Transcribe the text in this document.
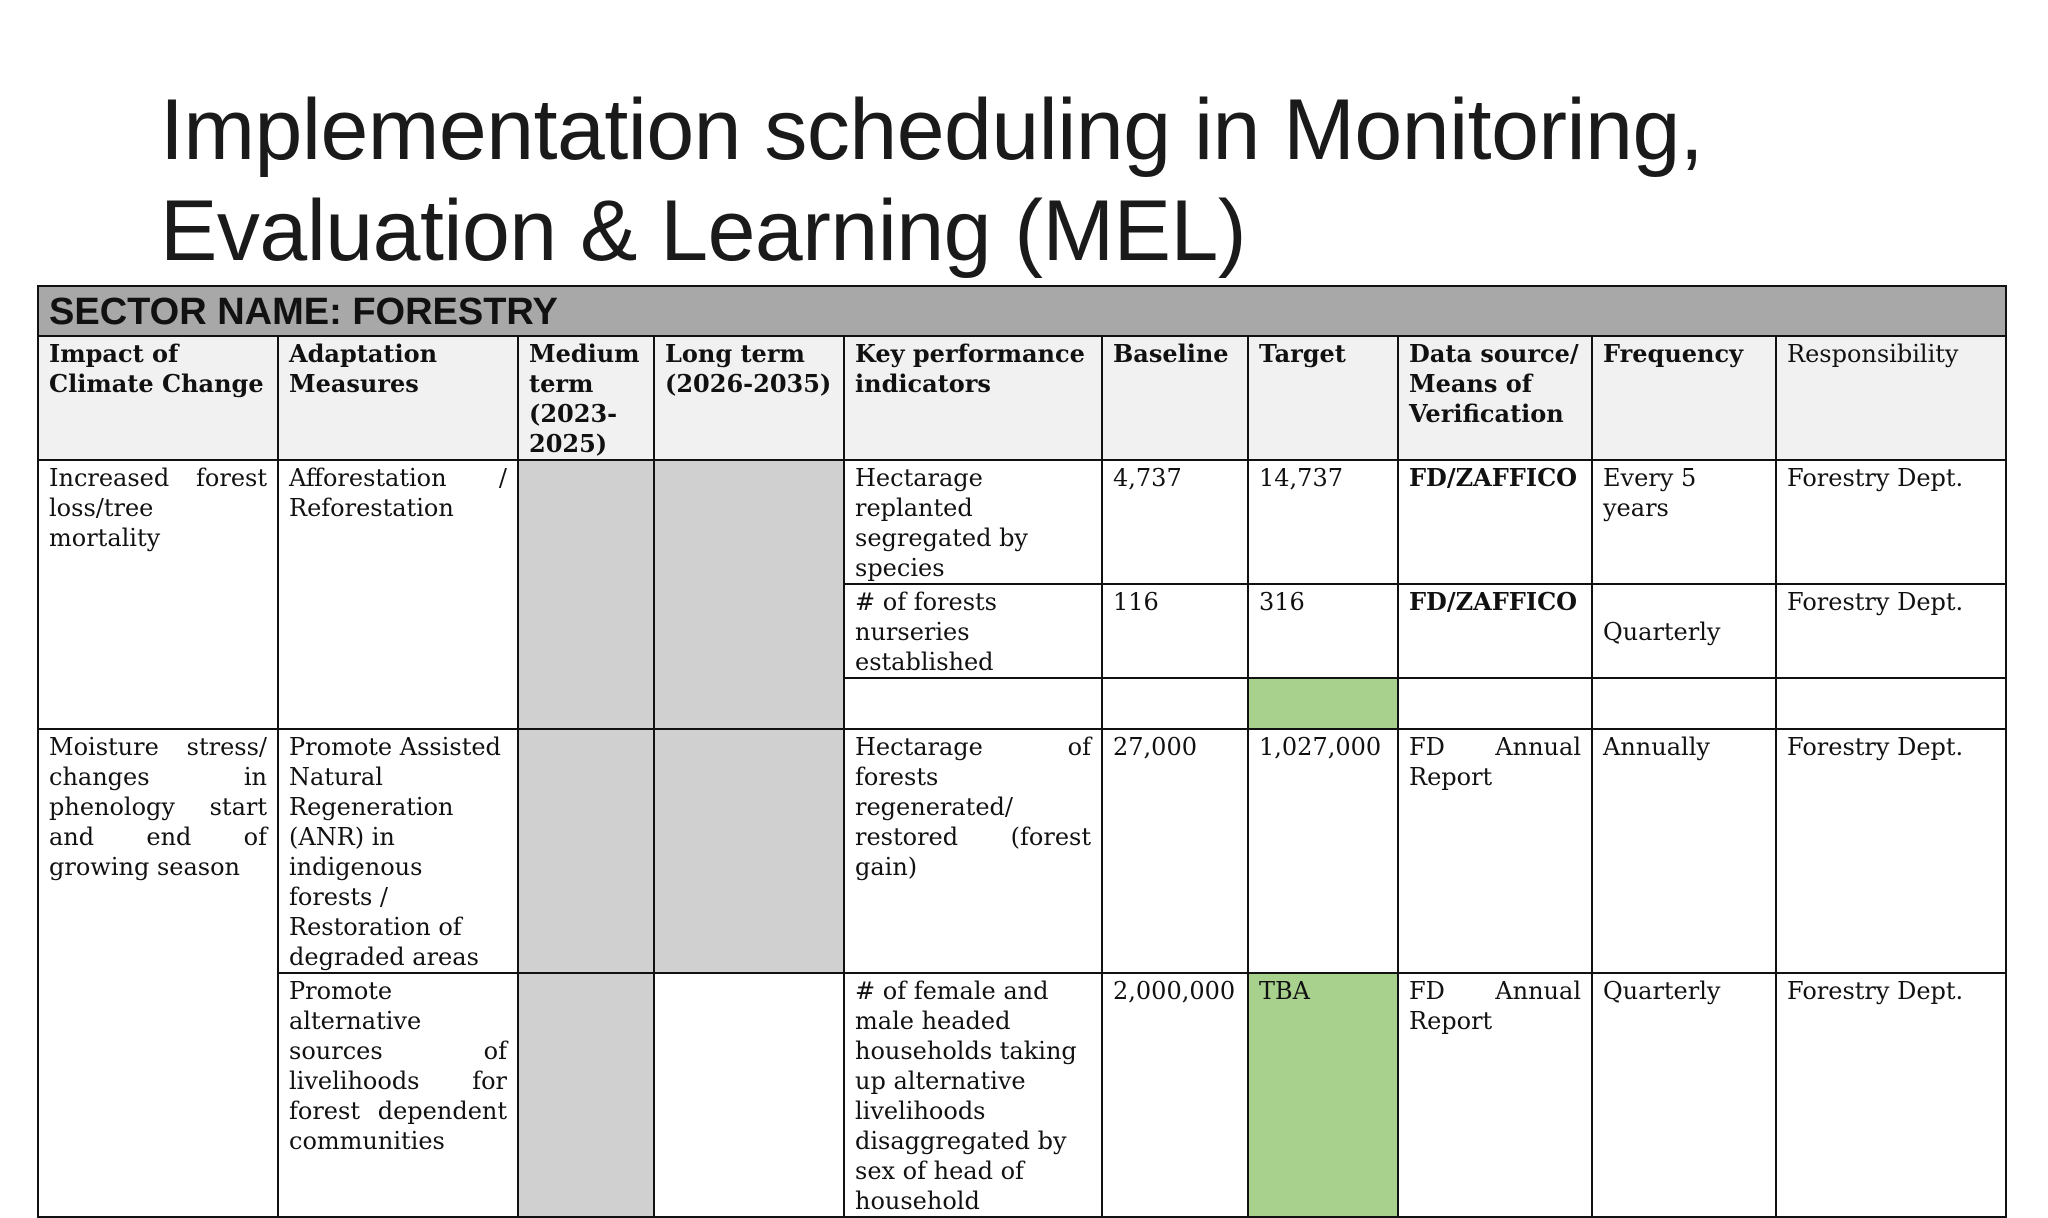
Implementation scheduling in Monitoring,
Evaluation & Learning (MEL)
SECTOR NAME: FORESTRY									
Impact of Climate Change	Adaptation Measures	Medium term (2023-2025)	Long term (2026-2035)	Key performance indicators	Baseline	Target	Data source/ Means of Verification	Frequency	Responsibility
Increased forest loss/tree mortality	Afforestation / Reforestation			Hectarage replanted segregated by species	4,737	14,737	FD/ZAFFICO	Every 5 years	Forestry Dept.
				# of forests nurseries established	116	316	FD/ZAFFICO	Quarterly	Forestry Dept.

Moisture stress/ changes in phenology start and end of growing season	Promote Assisted Natural Regeneration (ANR) in indigenous forests / Restoration of degraded areas			Hectarage of forests regenerated/ restored (forest gain)	27,000	1,027,000	FD Annual Report	Annually	Forestry Dept.
	Promote alternative sources of livelihoods for forest dependent communities			# of female and male headed households taking up alternative livelihoods disaggregated by sex of head of household	2,000,000	TBA	FD Annual Report	Quarterly	Forestry Dept.
